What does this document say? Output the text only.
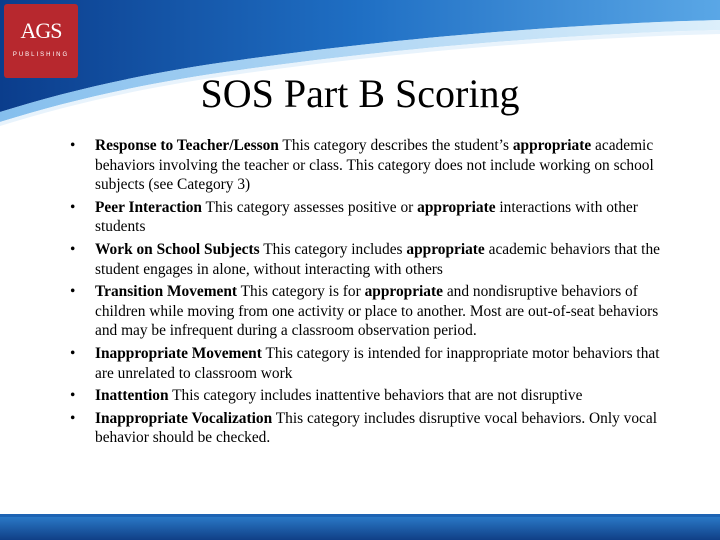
AGS
PUBLISHING
SOS Part B Scoring
• Response to Teacher/Lesson This category describes the student’s appropriate academic behaviors involving the teacher or class. This category does not include working on school subjects (see Category 3)
• Peer Interaction This category assesses positive or appropriate interactions with other students
• Work on School Subjects This category includes appropriate academic behaviors that the student engages in alone, without interacting with others
• Transition Movement This category is for appropriate and nondisruptive behaviors of children while moving from one activity or place to another. Most are out-of-seat behaviors and may be infrequent during a classroom observation period.
• Inappropriate Movement This category is intended for inappropriate motor behaviors that are unrelated to classroom work
• Inattention This category includes inattentive behaviors that are not disruptive
• Inappropriate Vocalization This category includes disruptive vocal behaviors. Only vocal behavior should be checked.
